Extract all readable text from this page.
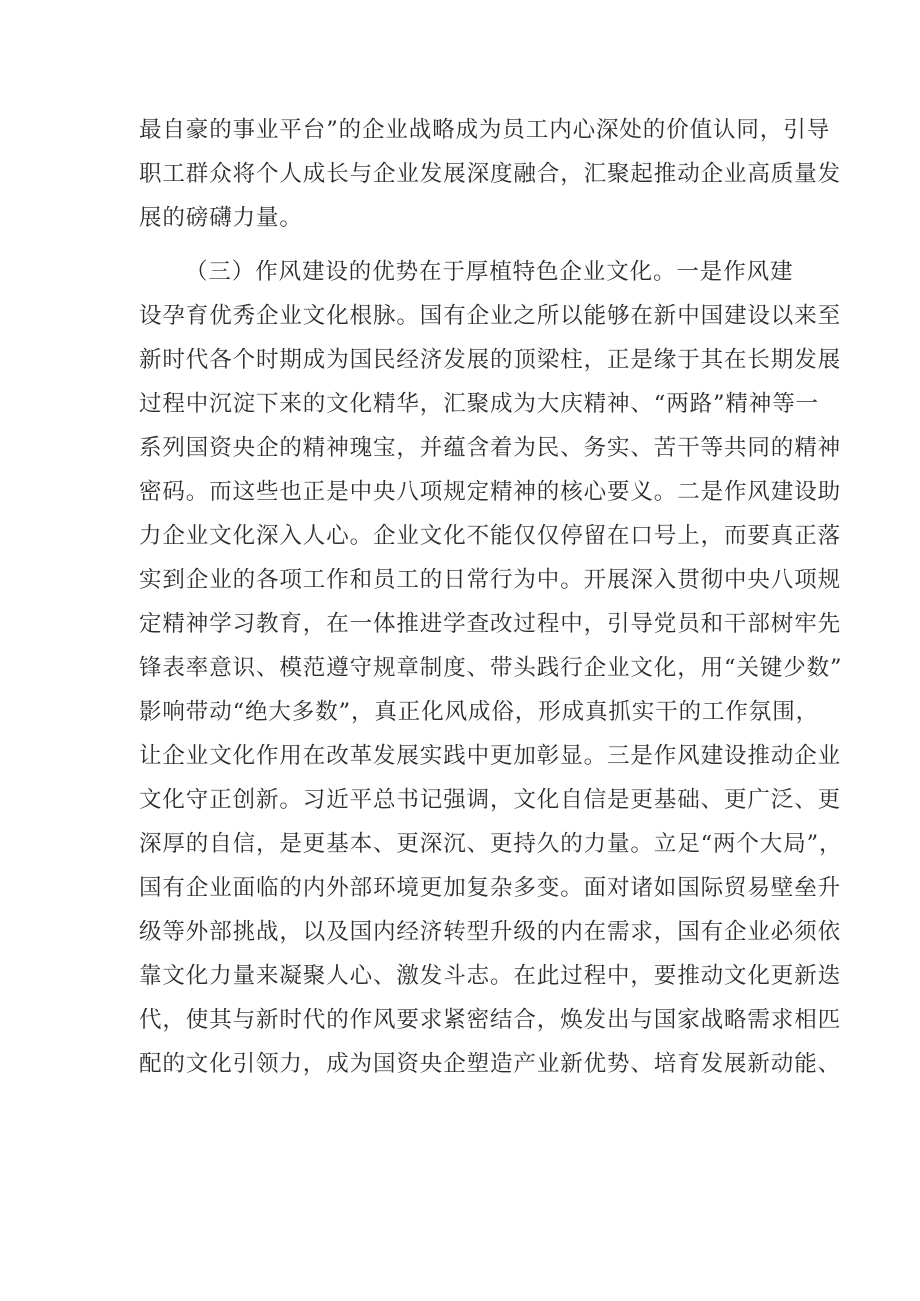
最自豪的事业平台”的企业战略成为员工内心深处的价值认同，引导
职工群众将个人成长与企业发展深度融合，汇聚起推动企业高质量发
展的磅礴力量。
（三）作风建设的优势在于厚植特色企业文化。一是作风建
设孕育优秀企业文化根脉。国有企业之所以能够在新中国建设以来至
新时代各个时期成为国民经济发展的顶梁柱，正是缘于其在长期发展
过程中沉淀下来的文化精华，汇聚成为大庆精神、“两路”精神等一
系列国资央企的精神瑰宝，并蕴含着为民、务实、苦干等共同的精神
密码。而这些也正是中央八项规定精神的核心要义。二是作风建设助
力企业文化深入人心。企业文化不能仅仅停留在口号上，而要真正落
实到企业的各项工作和员工的日常行为中。开展深入贯彻中央八项规
定精神学习教育，在一体推进学查改过程中，引导党员和干部树牢先
锋表率意识、模范遵守规章制度、带头践行企业文化，用“关键少数”
影响带动“绝大多数”，真正化风成俗，形成真抓实干的工作氛围，
让企业文化作用在改革发展实践中更加彰显。三是作风建设推动企业
文化守正创新。习近平总书记强调，文化自信是更基础、更广泛、更
深厚的自信，是更基本、更深沉、更持久的力量。立足“两个大局”，
国有企业面临的内外部环境更加复杂多变。面对诸如国际贸易壁垒升
级等外部挑战，以及国内经济转型升级的内在需求，国有企业必须依
靠文化力量来凝聚人心、激发斗志。在此过程中，要推动文化更新迭
代，使其与新时代的作风要求紧密结合，焕发出与国家战略需求相匹
配的文化引领力，成为国资央企塑造产业新优势、培育发展新动能、
